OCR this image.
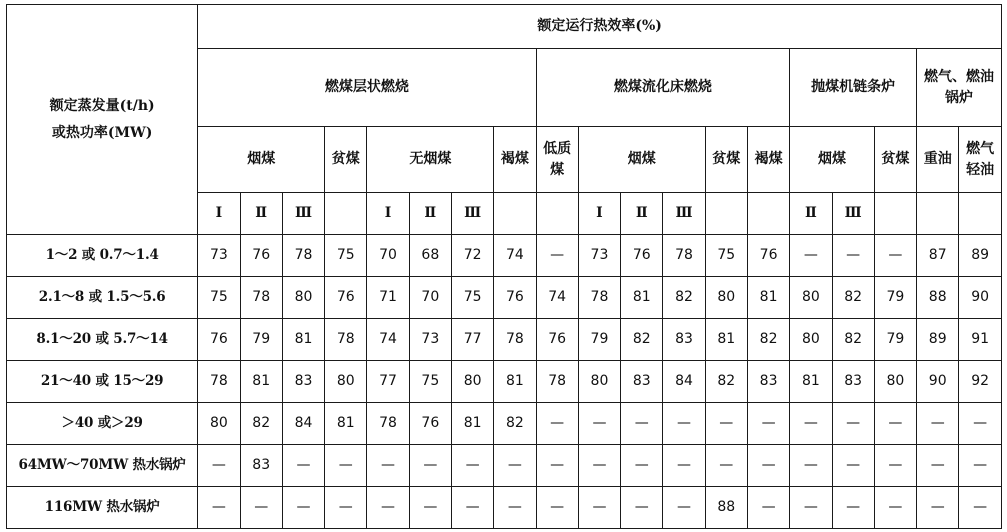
额定蒸发量(t/h)
或热功率(MW)	额定运行热效率(%)																		
	燃煤层状燃烧								燃煤流化床燃烧						抛煤机链条炉			燃气、燃油锅炉	
	烟煤			贫煤	无烟煤			褐煤	低质煤	烟煤			贫煤	褐煤	烟煤		贫煤	重油	燃气轻油
	Ⅰ	Ⅱ	Ⅲ		Ⅰ	Ⅱ	Ⅲ			Ⅰ	Ⅱ	Ⅲ			Ⅱ	Ⅲ			
1～2 或 0.7～1.4	73	76	78	75	70	68	72	74	—	73	76	78	75	76	—	—	—	87	89
2.1～8 或 1.5～5.6	75	78	80	76	71	70	75	76	74	78	81	82	80	81	80	82	79	88	90
8.1～20 或 5.7～14	76	79	81	78	74	73	77	78	76	79	82	83	81	82	80	82	79	89	91
21～40 或 15～29	78	81	83	80	77	75	80	81	78	80	83	84	82	83	81	83	80	90	92
＞40 或＞29	80	82	84	81	78	76	81	82	—	—	—	—	—	—	—	—	—	—	—
64MW～70MW 热水锅炉	—	83	—	—	—	—	—	—	—	—	—	—	—	—	—	—	—	—	—
116MW 热水锅炉	—	—	—	—	—	—	—	—	—	—	—	—	88	—	—	—	—	—	—
